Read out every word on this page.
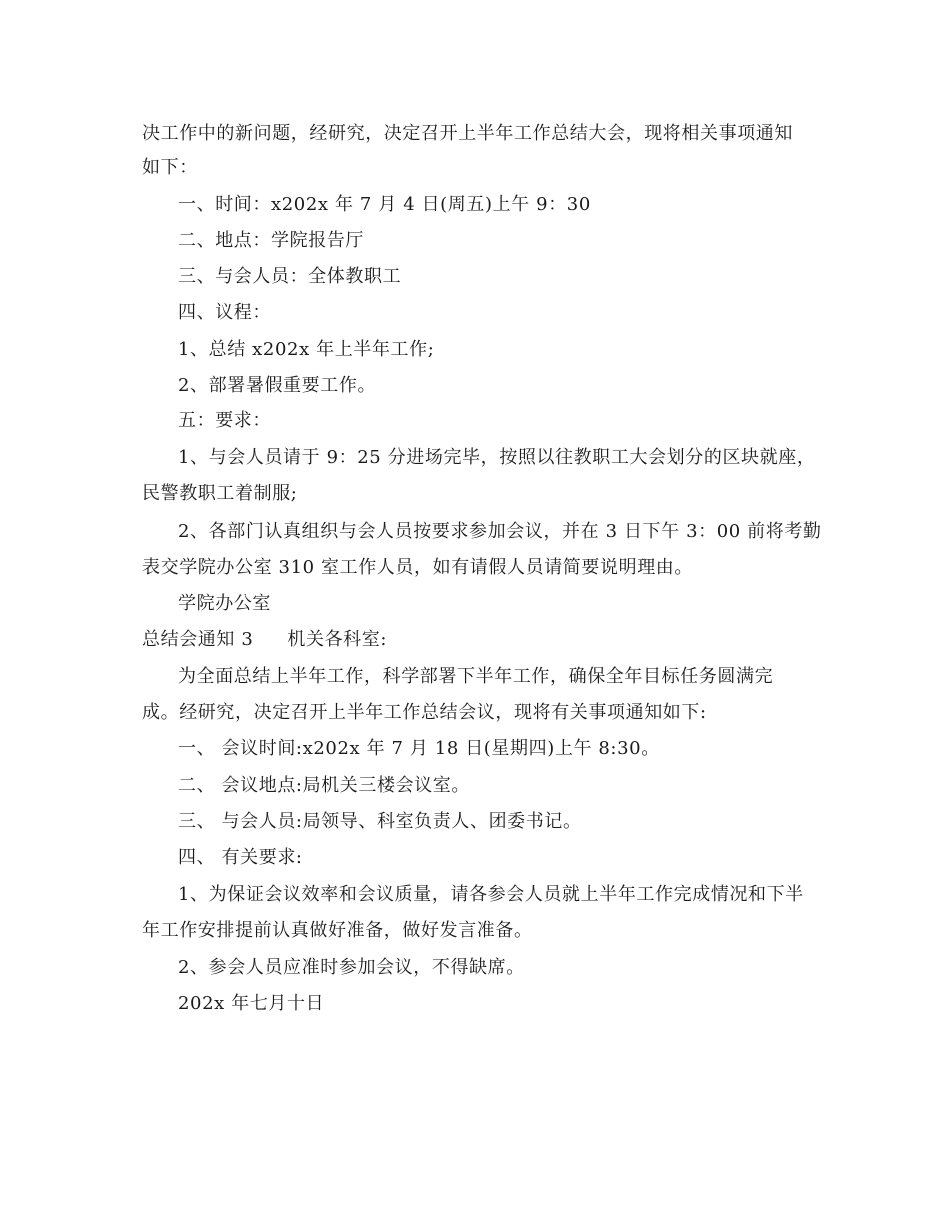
决工作中的新问题，经研究，决定召开上半年工作总结大会，现将相关事项通知
如下：
一、时间：x202x 年 7 月 4 日(周五)上午 9：30
二、地点：学院报告厅
三、与会人员：全体教职工
四、议程：
1、总结 x202x 年上半年工作;
2、部署暑假重要工作。
五：要求：
1、与会人员请于 9：25 分进场完毕，按照以往教职工大会划分的区块就座，
民警教职工着制服;
2、各部门认真组织与会人员按要求参加会议，并在 3 日下午 3：00 前将考勤
表交学院办公室 310 室工作人员，如有请假人员请简要说明理由。
学院办公室
总结会通知 3 机关各科室:
为全面总结上半年工作，科学部署下半年工作，确保全年目标任务圆满完
成。经研究，决定召开上半年工作总结会议，现将有关事项通知如下:
一、 会议时间:x202x 年 7 月 18 日(星期四)上午 8:30。
二、 会议地点:局机关三楼会议室。
三、 与会人员:局领导、科室负责人、团委书记。
四、 有关要求:
1、为保证会议效率和会议质量，请各参会人员就上半年工作完成情况和下半
年工作安排提前认真做好准备，做好发言准备。
2、参会人员应准时参加会议，不得缺席。
202x 年七月十日
